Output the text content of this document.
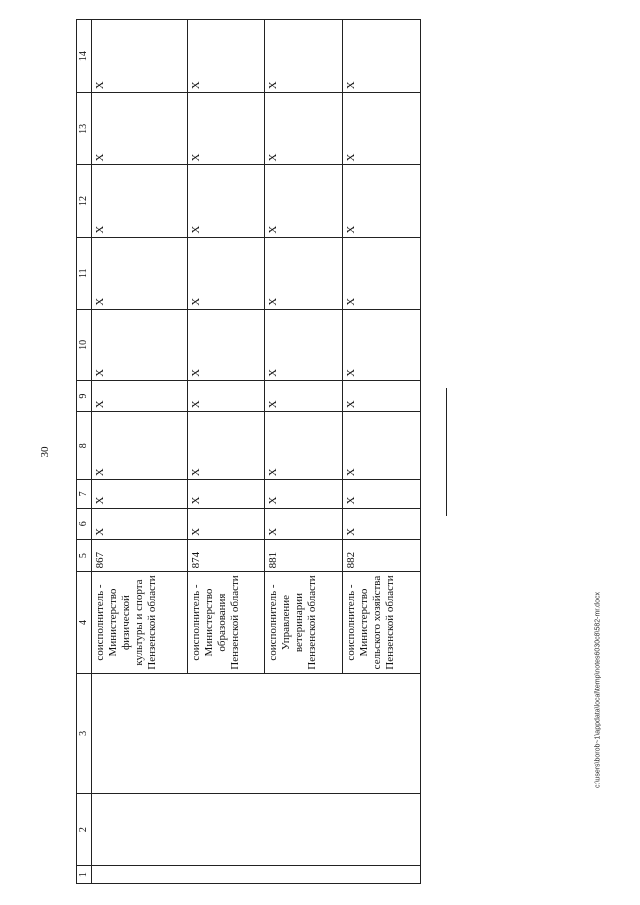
30
c:\users\borob~1\appdata\local\temp\notes6030c8\582-mr.docx
1	2	3	4	5	6	7	8	9	10	11	12	13	14
			соисполнитель - Министерство физической культуры и спорта Пензенской области	867	X	X	X	X	X	X	X	X	X
			соисполнитель - Министерство образования Пензенской области	874	X	X	X	X	X	X	X	X	X
			соисполнитель - Управление ветеринарии Пензенской области	881	X	X	X	X	X	X	X	X	X
			соисполнитель - Министерство сельского хозяйства Пензенской области	882	X	X	X	X	X	X	X	X	X
